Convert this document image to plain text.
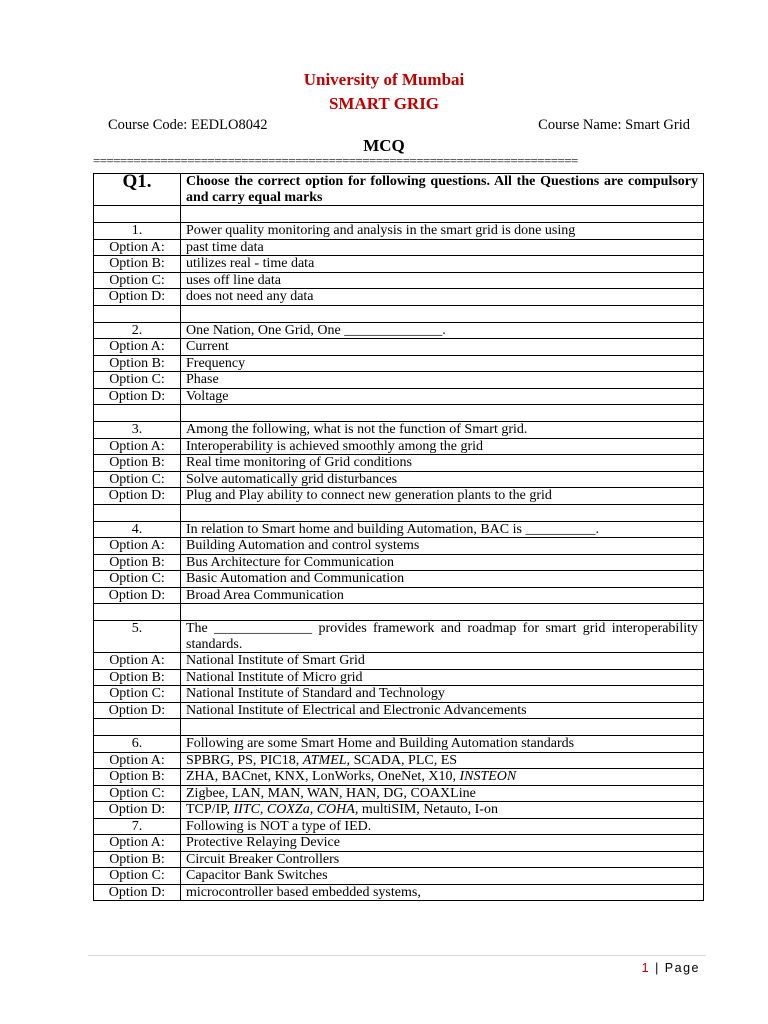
University of Mumbai
SMART GRIG
Course Code: EEDLO8042	Course Name: Smart Grid
MCQ
========================================================================
Q1.	Choose the correct option for following questions. All the Questions are compulsory and carry equal marks

1.	Power quality monitoring and analysis in the smart grid is done using
Option A:	past time data
Option B:	utilizes real - time data
Option C:	uses off line data
Option D:	does not need any data

2.	One Nation, One Grid, One ______________.
Option A:	Current
Option B:	Frequency
Option C:	Phase
Option D:	Voltage

3.	Among the following, what is not the function of Smart grid.
Option A:	Interoperability is achieved smoothly among the grid
Option B:	Real time monitoring of Grid conditions
Option C:	Solve automatically grid disturbances
Option D:	Plug and Play ability to connect new generation plants to the grid

4.	In relation to Smart home and building Automation, BAC is __________.
Option A:	Building Automation and control systems
Option B:	Bus Architecture for Communication
Option C:	Basic Automation and Communication
Option D:	Broad Area Communication

5.	The ______________ provides framework and roadmap for smart grid interoperability standards.
Option A:	National Institute of Smart Grid
Option B:	National Institute of Micro grid
Option C:	National Institute of Standard and Technology
Option D:	National Institute of Electrical and Electronic Advancements

6.	Following are some Smart Home and Building Automation standards
Option A:	SPBRG, PS, PIC18, ATMEL, SCADA, PLC, ES
Option B:	ZHA, BACnet, KNX, LonWorks, OneNet, X10, INSTEON
Option C:	Zigbee, LAN, MAN, WAN, HAN, DG, COAXLine
Option D:	TCP/IP, IITC, COXZa, COHA, multiSIM, Netauto, I-on
7.	Following is NOT a type of IED.
Option A:	Protective Relaying Device
Option B:	Circuit Breaker Controllers
Option C:	Capacitor Bank Switches
Option D:	microcontroller based embedded systems,
1 | Page
